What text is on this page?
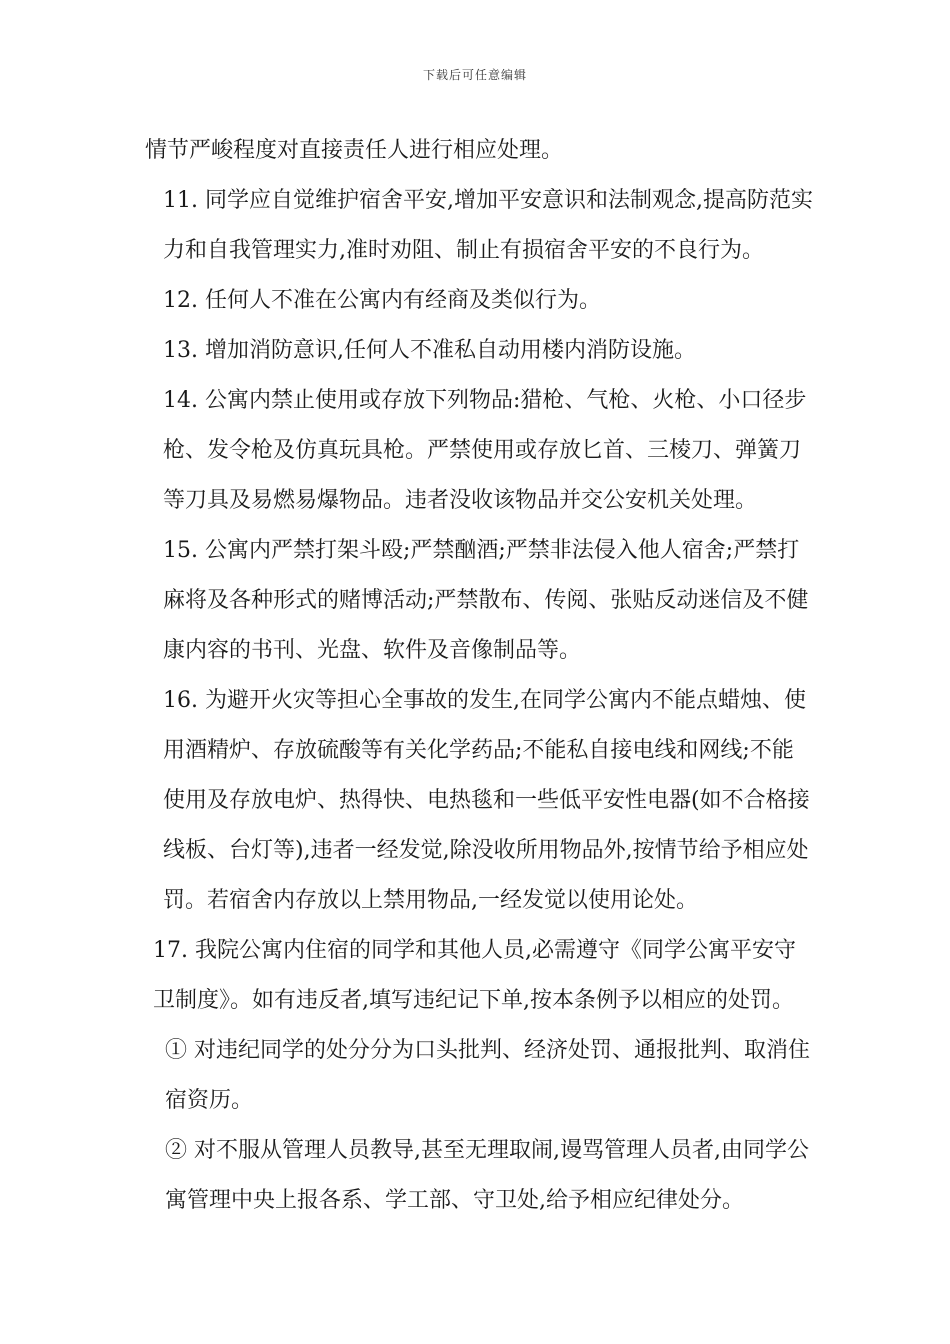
下载后可任意编辑

情节严峻程度对直接责任人进行相应处理。

11. 同学应自觉维护宿舍平安,增加平安意识和法制观念,提高防范实力和自我管理实力,准时劝阻、制止有损宿舍平安的不良行为。

12. 任何人不准在公寓内有经商及类似行为。

13. 增加消防意识,任何人不准私自动用楼内消防设施。

14. 公寓内禁止使用或存放下列物品:猎枪、气枪、火枪、小口径步枪、发令枪及仿真玩具枪。严禁使用或存放匕首、三棱刀、弹簧刀等刀具及易燃易爆物品。违者没收该物品并交公安机关处理。

15. 公寓内严禁打架斗殴;严禁酗酒;严禁非法侵入他人宿舍;严禁打麻将及各种形式的赌博活动;严禁散布、传阅、张贴反动迷信及不健康内容的书刊、光盘、软件及音像制品等。

16. 为避开火灾等担心全事故的发生,在同学公寓内不能点蜡烛、使用酒精炉、存放硫酸等有关化学药品;不能私自接电线和网线;不能使用及存放电炉、热得快、电热毯和一些低平安性电器(如不合格接线板、台灯等),违者一经发觉,除没收所用物品外,按情节给予相应处罚。若宿舍内存放以上禁用物品,一经发觉以使用论处。

17. 我院公寓内住宿的同学和其他人员,必需遵守《同学公寓平安守卫制度》。如有违反者,填写违纪记下单,按本条例予以相应的处罚。

① 对违纪同学的处分分为口头批判、经济处罚、通报批判、取消住宿资历。

② 对不服从管理人员教导,甚至无理取闹,谩骂管理人员者,由同学公寓管理中央上报各系、学工部、守卫处,给予相应纪律处分。
